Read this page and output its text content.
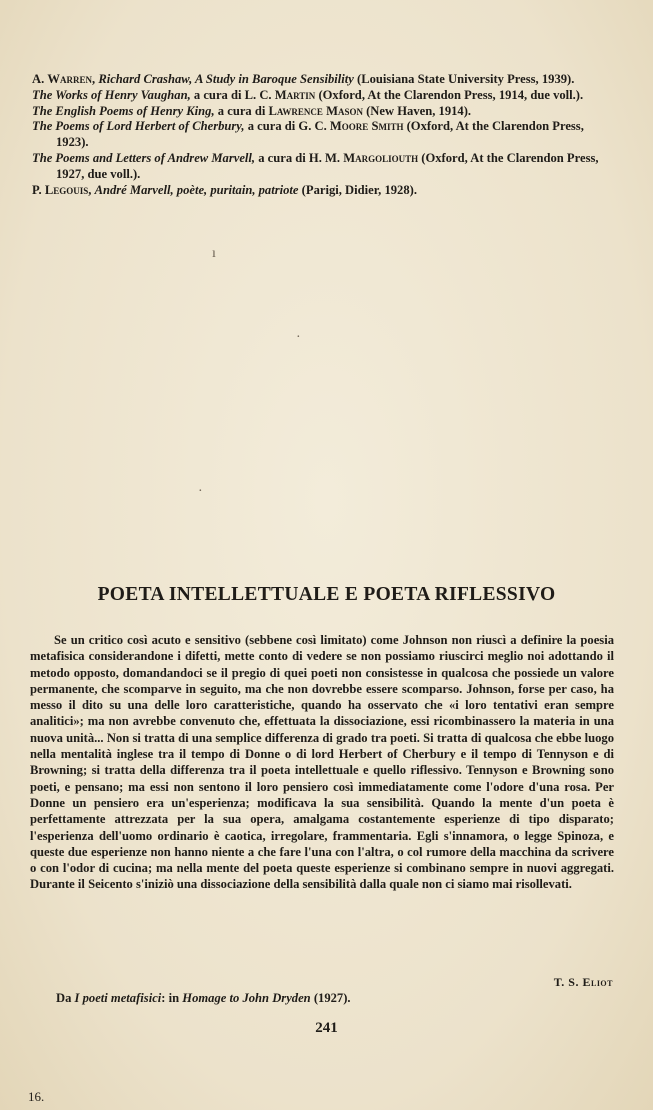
A. Warren, Richard Crashaw, A Study in Baroque Sensibility (Louisiana State University Press, 1939).

The Works of Henry Vaughan, a cura di L. C. Martin (Oxford, At the Clarendon Press, 1914, due voll.).

The English Poems of Henry King, a cura di Lawrence Mason (New Haven, 1914).

The Poems of Lord Herbert of Cherbury, a cura di G. C. Moore Smith (Oxford, At the Clarendon Press, 1923).

The Poems and Letters of Andrew Marvell, a cura di H. M. Margoliouth (Oxford, At the Clarendon Press, 1927, due voll.).

P. Legouis, André Marvell, poète, puritain, patriote (Parigi, Didier, 1928).

ı
·
·
POETA INTELLETTUALE E POETA RIFLESSIVO

Se un critico così acuto e sensitivo (sebbene così limitato) come Johnson non riuscì a definire la poesia metafisica considerandone i difetti, mette conto di vedere se non possiamo riuscirci meglio noi adottando il metodo opposto, domandandoci se il pregio di quei poeti non consistesse in qualcosa che possiede un valore permanente, che scomparve in seguito, ma che non dovrebbe essere scomparso. Johnson, forse per caso, ha messo il dito su una delle loro caratteristiche, quando ha osservato che «i loro tentativi eran sempre analitici»; ma non avrebbe convenuto che, effettuata la dissociazione, essi ricombinassero la materia in una nuova unità... Non si tratta di una semplice differenza di grado tra poeti. Si tratta di qualcosa che ebbe luogo nella mentalità inglese tra il tempo di Donne o di lord Herbert of Cherbury e il tempo di Tennyson e di Browning; si tratta della differenza tra il poeta intellettuale e quello riflessivo. Tennyson e Browning sono poeti, e pensano; ma essi non sentono il loro pensiero così immediatamente come l'odore d'una rosa. Per Donne un pensiero era un'esperienza; modificava la sua sensibilità. Quando la mente d'un poeta è perfettamente attrezzata per la sua opera, amalgama costantemente esperienze di tipo disparato; l'esperienza dell'uomo ordinario è caotica, irregolare, frammentaria. Egli s'innamora, o legge Spinoza, e queste due esperienze non hanno niente a che fare l'una con l'altra, o col rumore della macchina da scrivere o con l'odor di cucina; ma nella mente del poeta queste esperienze si combinano sempre in nuovi aggregati. Durante il Seicento s'iniziò una dissociazione della sensibilità dalla quale non ci siamo mai risollevati.

T. S. Eliot
Da I poeti metafisici: in Homage to John Dryden (1927).
241
16.
